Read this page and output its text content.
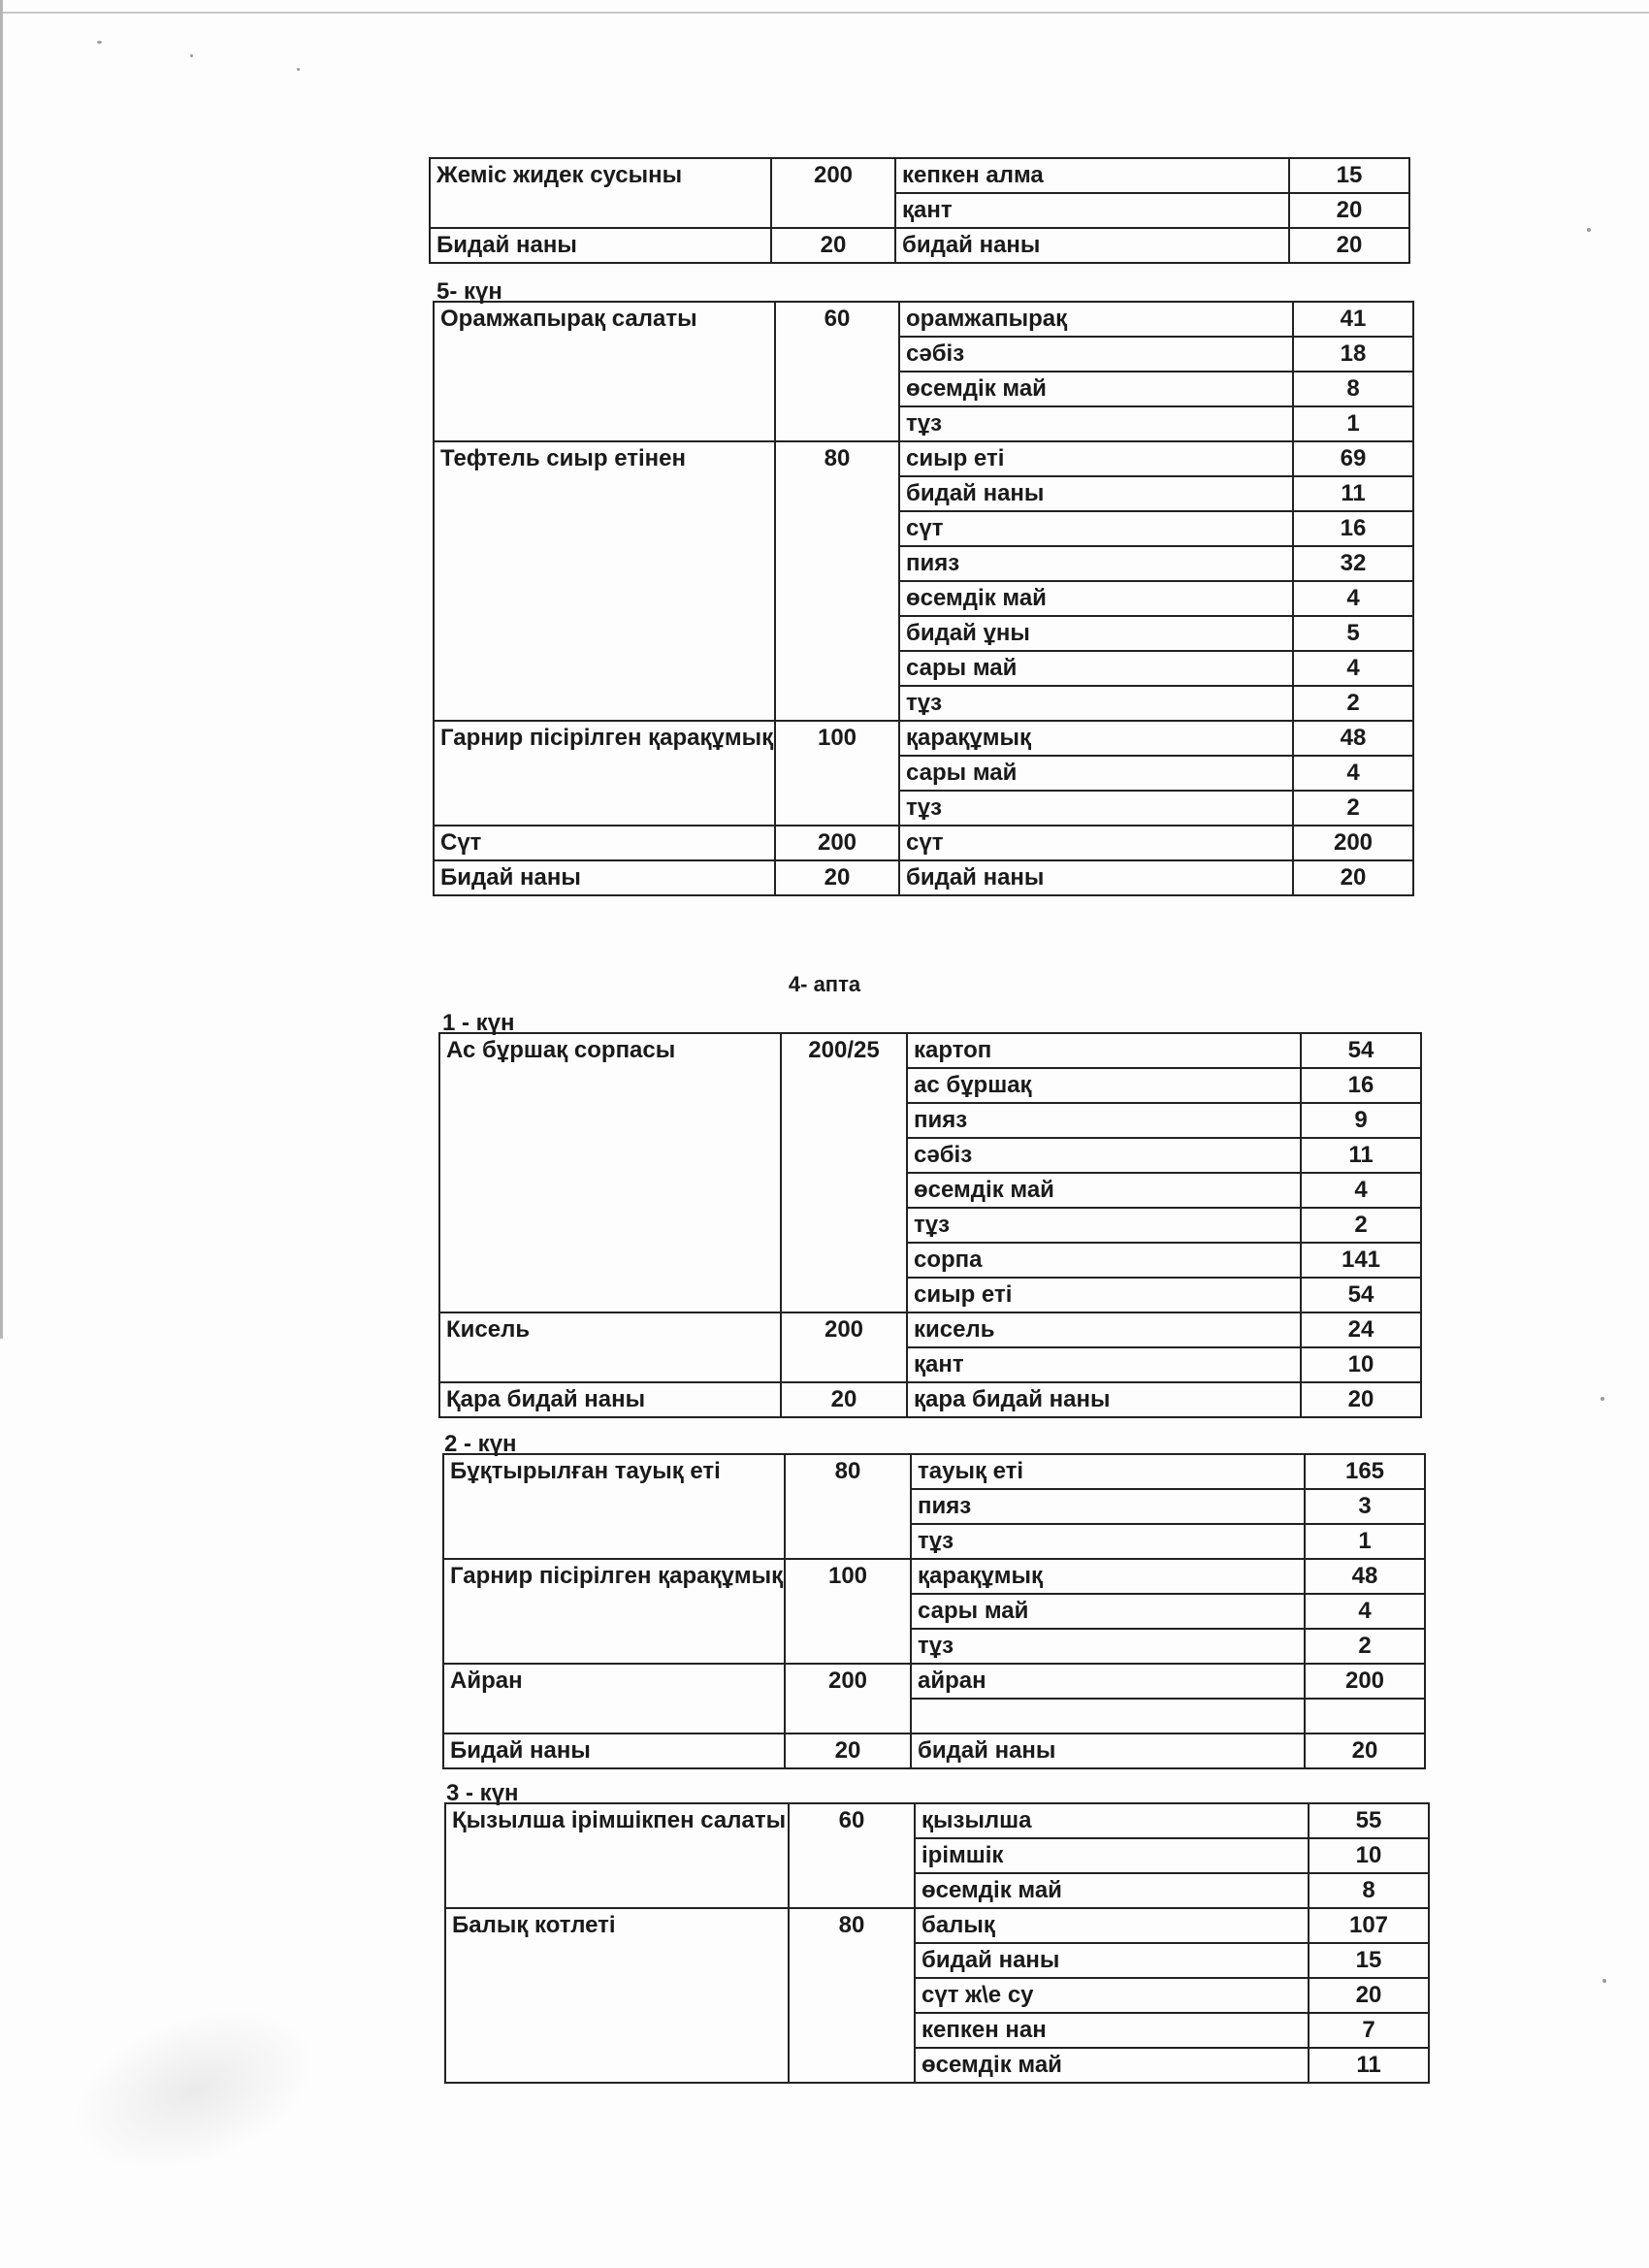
Жеміс жидек сусыны	200	кепкен алма	15
		қант	20
Бидай наны	20	бидай наны	20
5- күн
Орамжапырақ салаты	60	орамжапырақ	41
		сәбіз	18
		өсемдік май	8
		тұз	1
Тефтель сиыр етінен	80	сиыр еті	69
		бидай наны	11
		сүт	16
		пияз	32
		өсемдік май	4
		бидай ұны	5
		сары май	4
		тұз	2
Гарнир пісірілген қарақұмық	100	қарақұмық	48
		сары май	4
		тұз	2
Сүт	200	сүт	200
Бидай наны	20	бидай наны	20
4- апта
1 - күн
Ас бұршақ сорпасы	200/25	картоп	54
		ас бұршақ	16
		пияз	9
		сәбіз	11
		өсемдік май	4
		тұз	2
		сорпа	141
		сиыр еті	54
Кисель	200	кисель	24
		қант	10
Қара бидай наны	20	қара бидай наны	20
2 - күн
Бұқтырылған тауық еті	80	тауық еті	165
		пияз	3
		тұз	1
Гарнир пісірілген қарақұмық	100	қарақұмық	48
		сары май	4
		тұз	2
Айран	200	айран	200

Бидай наны	20	бидай наны	20
3 - күн
Қызылша ірімшікпен салаты	60	қызылша	55
		ірімшік	10
		өсемдік май	8
Балық котлеті	80	балық	107
		бидай наны	15
		сүт ж\е су	20
		кепкен нан	7
		өсемдік май	11
